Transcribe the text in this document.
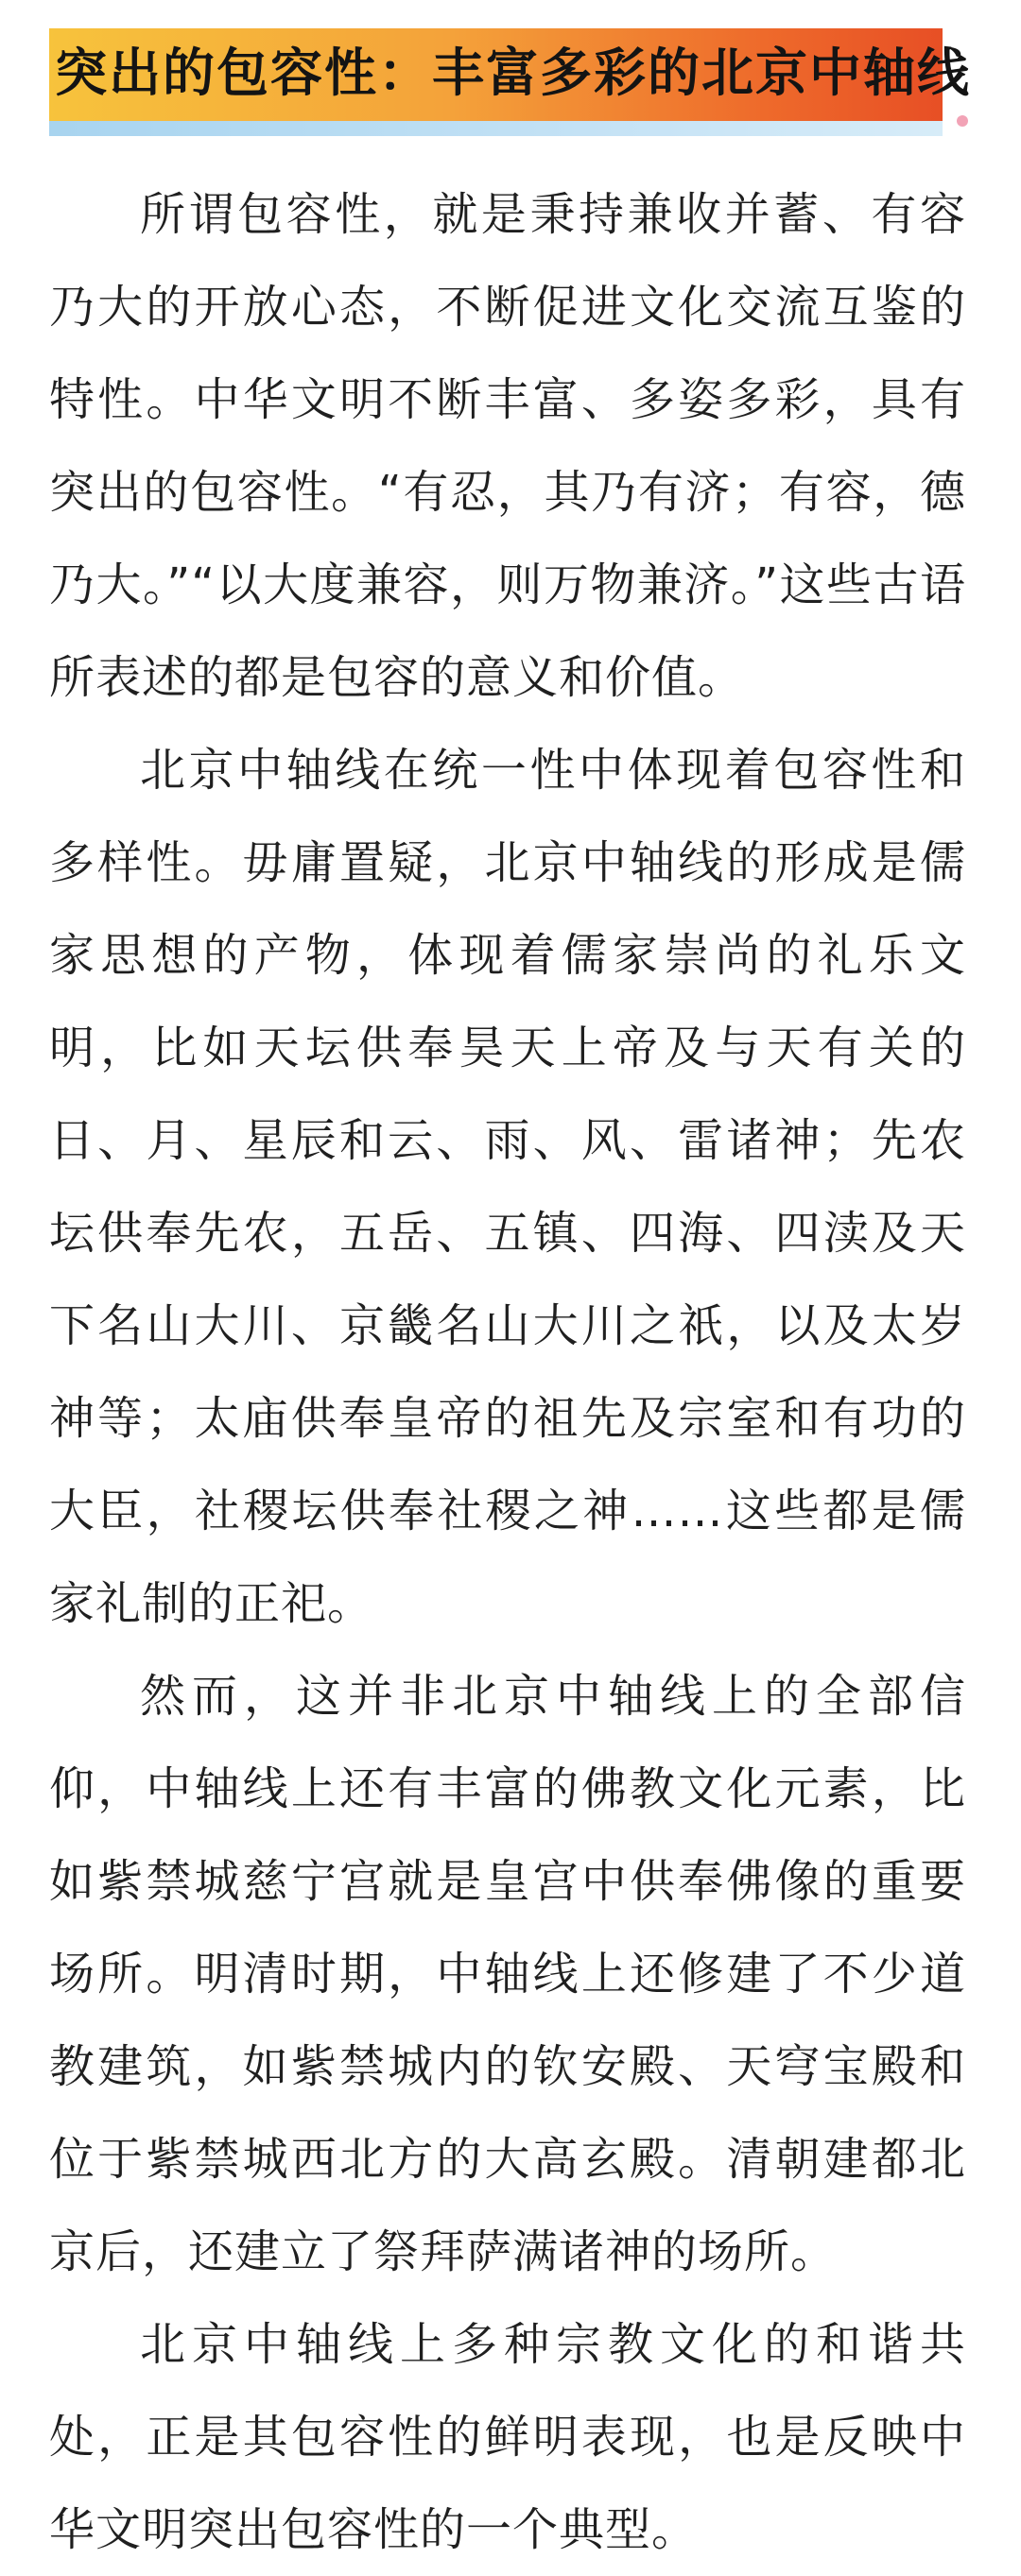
突出的包容性：丰富多彩的北京中轴线

所谓包容性，就是秉持兼收并蓄、有容乃大的开放心态，不断促进文化交流互鉴的特性。中华文明不断丰富、多姿多彩，具有突出的包容性。“有忍，其乃有济；有容，德乃大。”“以大度兼容，则万物兼济。”这些古语所表述的都是包容的意义和价值。

北京中轴线在统一性中体现着包容性和多样性。毋庸置疑，北京中轴线的形成是儒家思想的产物，体现着儒家崇尚的礼乐文明，比如天坛供奉昊天上帝及与天有关的日、月、星辰和云、雨、风、雷诸神；先农坛供奉先农，五岳、五镇、四海、四渎及天下名山大川、京畿名山大川之祇，以及太岁神等；太庙供奉皇帝的祖先及宗室和有功的大臣，社稷坛供奉社稷之神……这些都是儒家礼制的正祀。

然而，这并非北京中轴线上的全部信仰，中轴线上还有丰富的佛教文化元素，比如紫禁城慈宁宫就是皇宫中供奉佛像的重要场所。明清时期，中轴线上还修建了不少道教建筑，如紫禁城内的钦安殿、天穹宝殿和位于紫禁城西北方的大高玄殿。清朝建都北京后，还建立了祭拜萨满诸神的场所。

北京中轴线上多种宗教文化的和谐共处，正是其包容性的鲜明表现，也是反映中华文明突出包容性的一个典型。
